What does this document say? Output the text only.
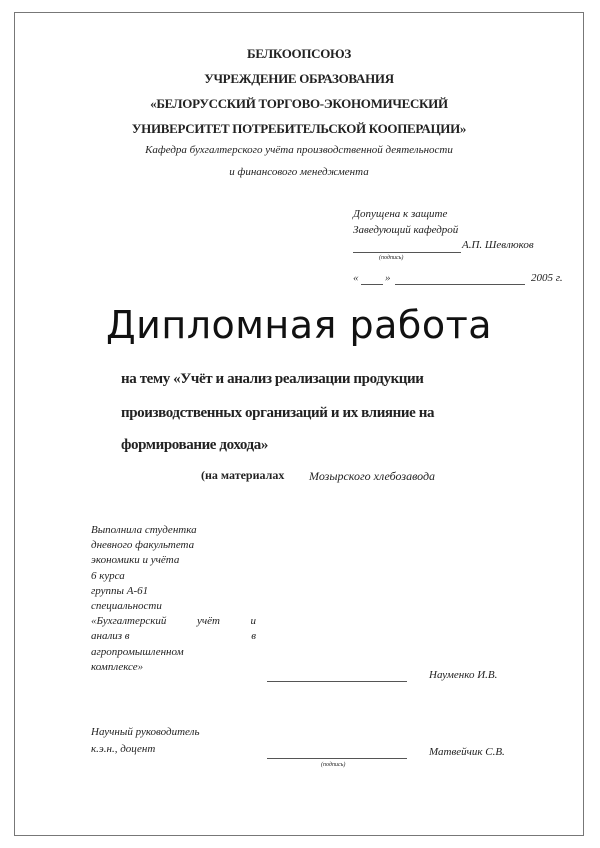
БЕЛКООПСОЮЗ
УЧРЕЖДЕНИЕ ОБРАЗОВАНИЯ
«БЕЛОРУССКИЙ ТОРГОВО-ЭКОНОМИЧЕСКИЙ
УНИВЕРСИТЕТ ПОТРЕБИТЕЛЬСКОЙ КООПЕРАЦИИ»
Кафедра бухгалтерского учёта производственной деятельности
и финансового менеджмента
Допущена к защите
Заведующий кафедрой
А.П. Шевлюков
(подпись)
« »	2005 г.
Дипломная работа
на тему «Учёт и анализ реализации продукции
производственных организаций и их влияние на
формирование дохода»
(на материалах Мозырского хлебозавода
Выполнила студентка
дневного факультета
экономики и учёта
6 курса
группы А-61
специальности
«Бухгалтерский учёт и
анализ в	в
агропромышленном
комплексе»
Науменко И.В.
Научный руководитель
к.э.н., доцент
(подпись)
Матвейчик С.В.
